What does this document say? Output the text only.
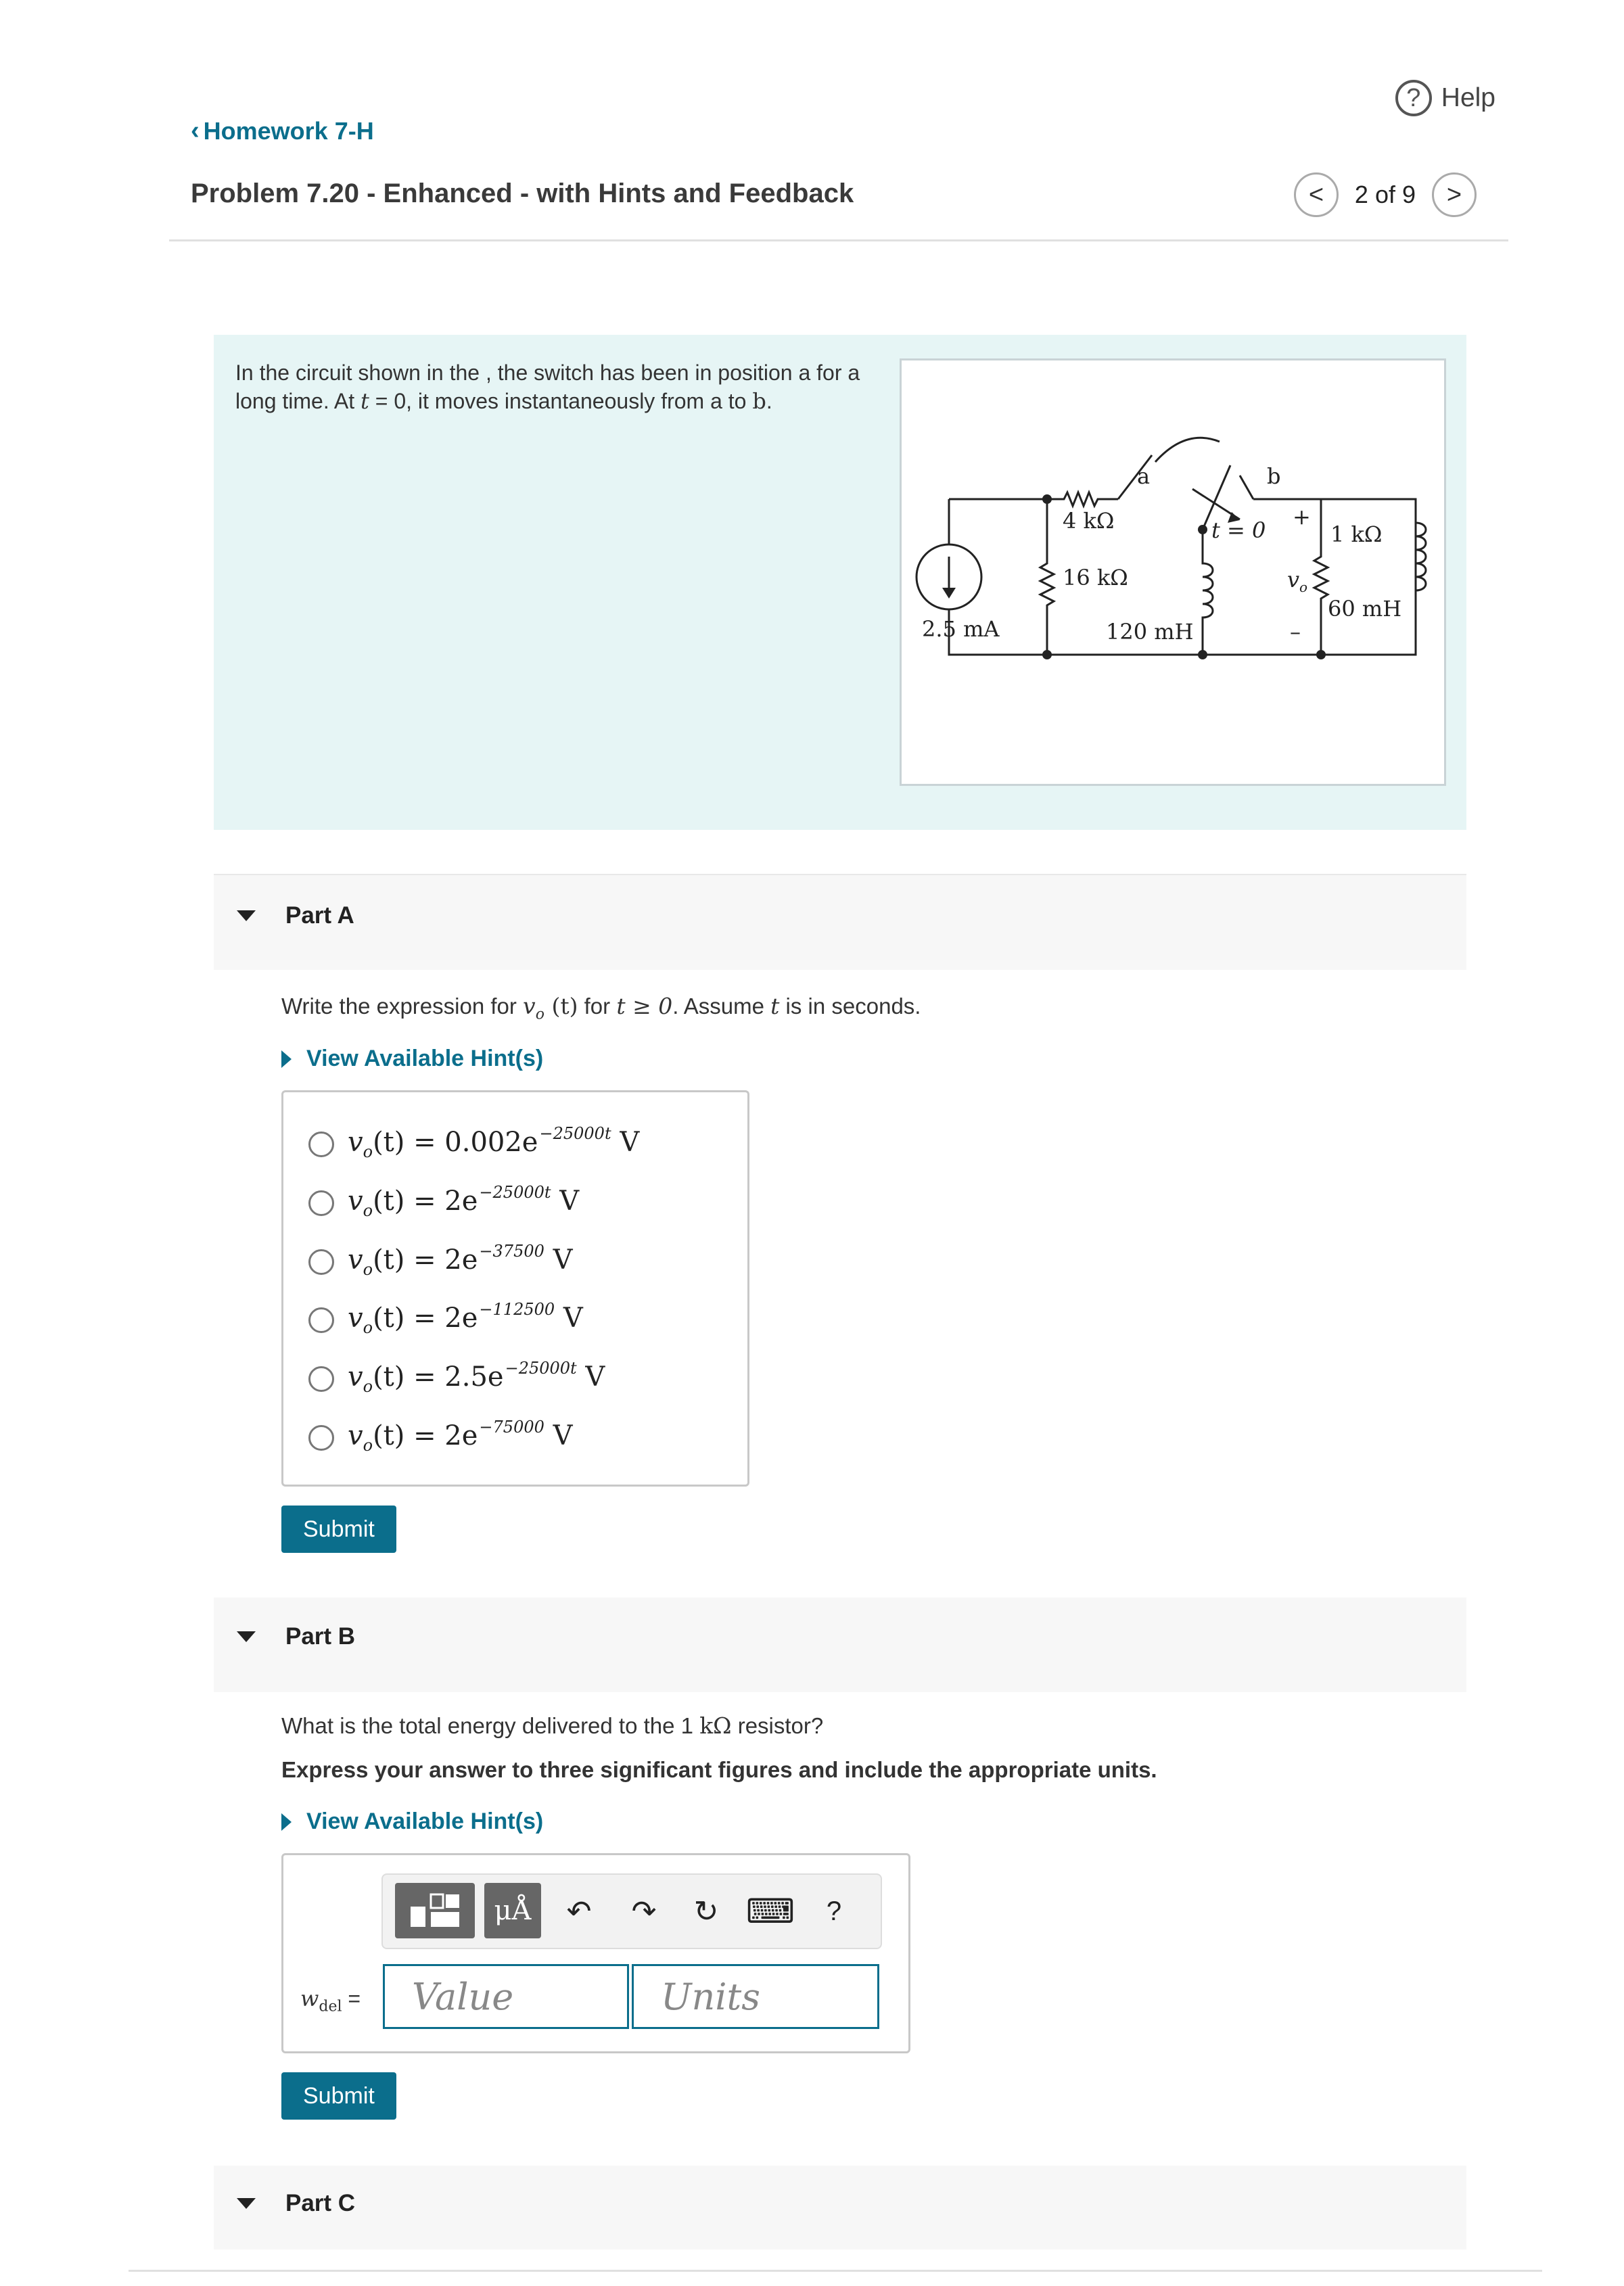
? Help
‹ Homework 7-H
Problem 7.20 - Enhanced - with Hints and Feedback	< 2 of 9 >
In the circuit shown in the , the switch has been in position a for a long time. At t = 0, it moves instantaneously from a to b.
a	b
4 kΩ
16 kΩ
2.5 mA	120 mH
t = 0
+
v o
–
1 kΩ
60 mH
Part A
Write the expression for $v_o$ (t) for t ≥ 0. Assume t is in seconds.
View Available Hint(s)
$v_o(t) = 0.002e^{-25000t}$ V
$v_o(t) = 2e^{-25000t}$ V
$v_o(t) = 2e^{-37500}$ V
$v_o(t) = 2e^{-112500}$ V
$v_o(t) = 2.5e^{-25000t}$ V
$v_o(t) = 2e^{-75000}$ V
Submit
Part B
What is the total energy delivered to the 1 kΩ resistor?
Express your answer to three significant figures and include the appropriate units.
View Available Hint(s)
μÅ	↶ ↷ ↻ ⌨	?
$w_{del}$ =	Value	Units
Submit
Part C
